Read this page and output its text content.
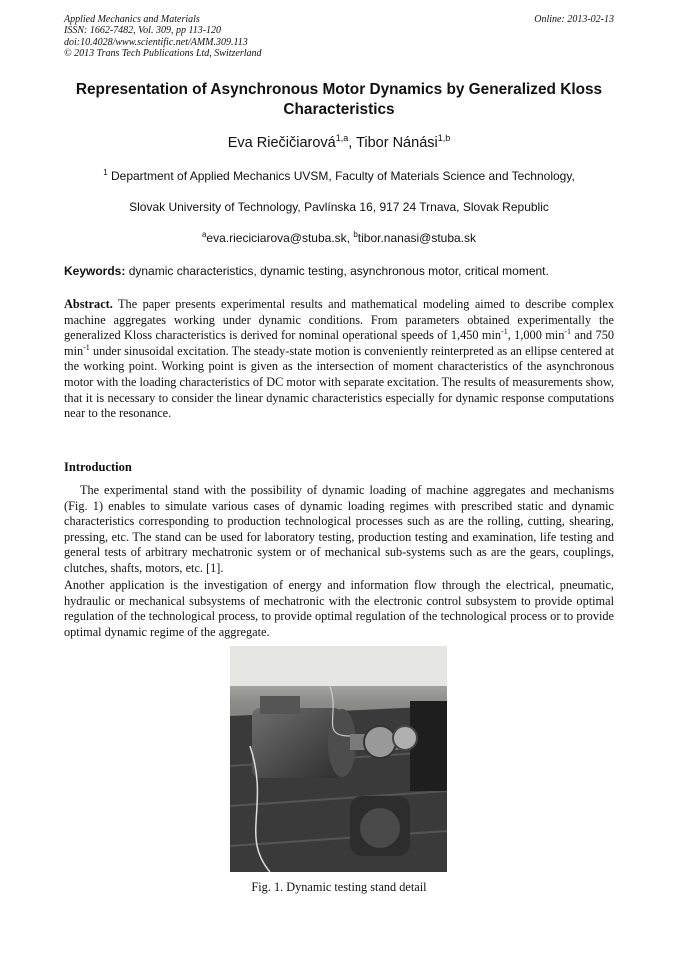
Applied Mechanics and Materials
ISSN: 1662-7482, Vol. 309, pp 113-120
doi:10.4028/www.scientific.net/AMM.309.113
© 2013 Trans Tech Publications Ltd, Switzerland
Online: 2013-02-13
Representation of Asynchronous Motor Dynamics by Generalized Kloss Characteristics
Eva Riečičiarová$^{1,a}$, Tibor Nánási$^{1,b}$
$^1$ Department of Applied Mechanics UVSM, Faculty of Materials Science and Technology,
Slovak University of Technology, Pavlínska 16, 917 24 Trnava, Slovak Republic
$^a$eva.rieciciarova@stuba.sk, $^b$tibor.nanasi@stuba.sk
Keywords: dynamic characteristics, dynamic testing, asynchronous motor, critical moment.
Abstract. The paper presents experimental results and mathematical modeling aimed to describe complex machine aggregates working under dynamic conditions. From parameters obtained experimentally the generalized Kloss characteristics is derived for nominal operational speeds of 1,450 $\min^{-1}$, 1,000 $\min^{-1}$ and 750 $\min^{-1}$ under sinusoidal excitation. The steady-state motion is conveniently reinterpreted as an ellipse centered at the working point. Working point is given as the intersection of moment characteristics of the asynchronous motor with the loading characteristics of DC motor with separate excitation. The results of measurements show, that it is necessary to consider the linear dynamic characteristics especially for dynamic response computations near to the resonance.
Introduction
The experimental stand with the possibility of dynamic loading of machine aggregates and mechanisms (Fig. 1) enables to simulate various cases of dynamic loading regimes with prescribed static and dynamic characteristics corresponding to production technological processes such as are the rolling, cutting, shearing, pressing, etc. The stand can be used for laboratory testing, production testing and examination, life testing and general tests of arbitrary mechatronic system or of mechanical sub-systems such as are the gears, couplings, clutches, shafts, motors, etc. [1].
Another application is the investigation of energy and information flow through the electrical, pneumatic, hydraulic or mechanical subsystems of mechatronic with the electronic control subsystem to provide optimal regulation of the technological process, to provide optimal regulation of the technological process or to provide optimal dynamic regime of the aggregate.
Fig. 1. Dynamic testing stand detail
